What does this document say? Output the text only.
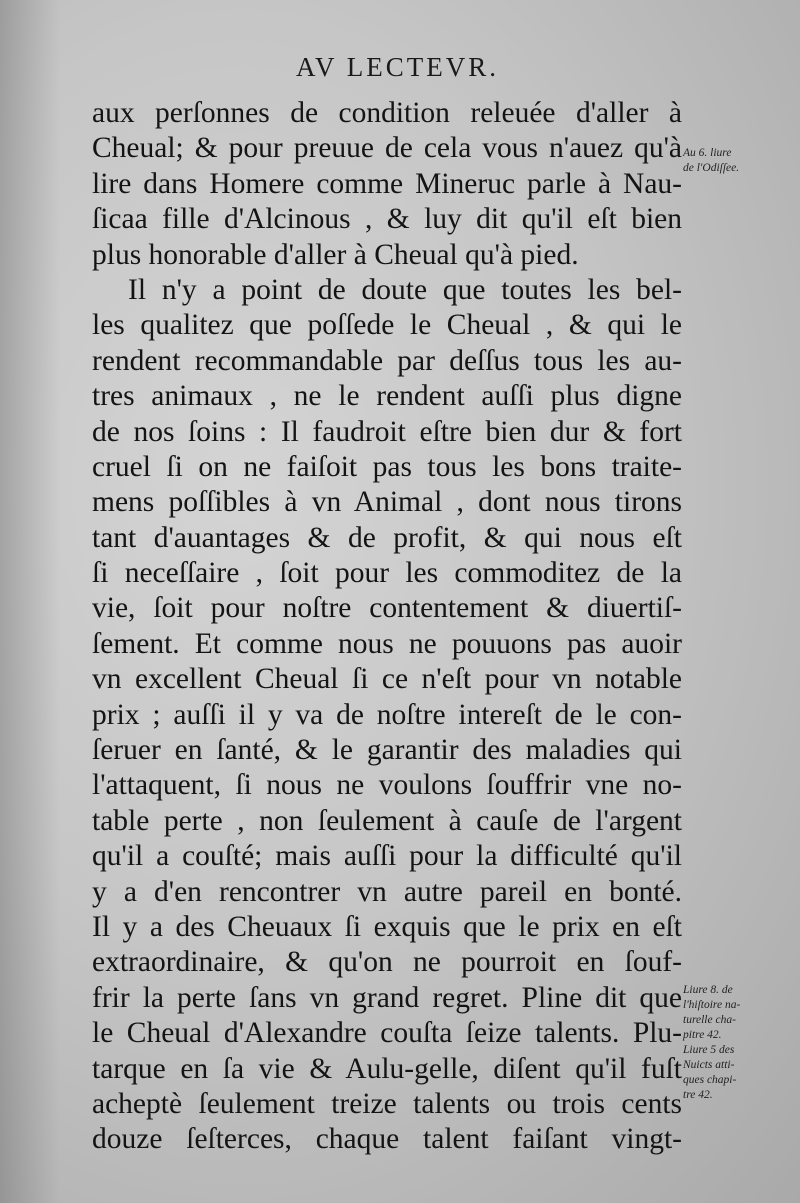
AV LECTEVR.
aux perſonnes de condition releuée d'aller à
Cheual; & pour preuue de cela vous n'auez qu'à
lire dans Homere comme Mineruc parle à Nau-
ſicaa fille d'Alcinous , & luy dit qu'il eſt bien
plus honorable d'aller à Cheual qu'à pied.
Il n'y a point de doute que toutes les bel-
les qualitez que poſſede le Cheual , & qui le
rendent recommandable par deſſus tous les au-
tres animaux , ne le rendent auſſi plus digne
de nos ſoins : Il faudroit eſtre bien dur & fort
cruel ſi on ne faiſoit pas tous les bons traite-
mens poſſibles à vn Animal , dont nous tirons
tant d'auantages & de profit, & qui nous eſt
ſi neceſſaire , ſoit pour les commoditez de la
vie, ſoit pour noſtre contentement & diuertiſ-
ſement. Et comme nous ne pouuons pas auoir
vn excellent Cheual ſi ce n'eſt pour vn notable
prix ; auſſi il y va de noſtre intereſt de le con-
ſeruer en ſanté, & le garantir des maladies qui
l'attaquent, ſi nous ne voulons ſouffrir vne no-
table perte , non ſeulement à cauſe de l'argent
qu'il a couſté; mais auſſi pour la difficulté qu'il
y a d'en rencontrer vn autre pareil en bonté.
Il y a des Cheuaux ſi exquis que le prix en eſt
extraordinaire, & qu'on ne pourroit en ſouf-
frir la perte ſans vn grand regret. Pline dit que
le Cheual d'Alexandre couſta ſeize talents. Plu-
tarque en ſa vie & Aulu-gelle, diſent qu'il fuſt
acheptè ſeulement treize talents ou trois cents
douze ſeſterces, chaque talent faiſant vingt-
Au 6. liure
de l'Odiſſee.
Liure 8. de
l'hiſtoire na-
turelle cha-
pitre 42.
Liure 5 des
Nuicts atti-
ques chapi-
tre 42.
